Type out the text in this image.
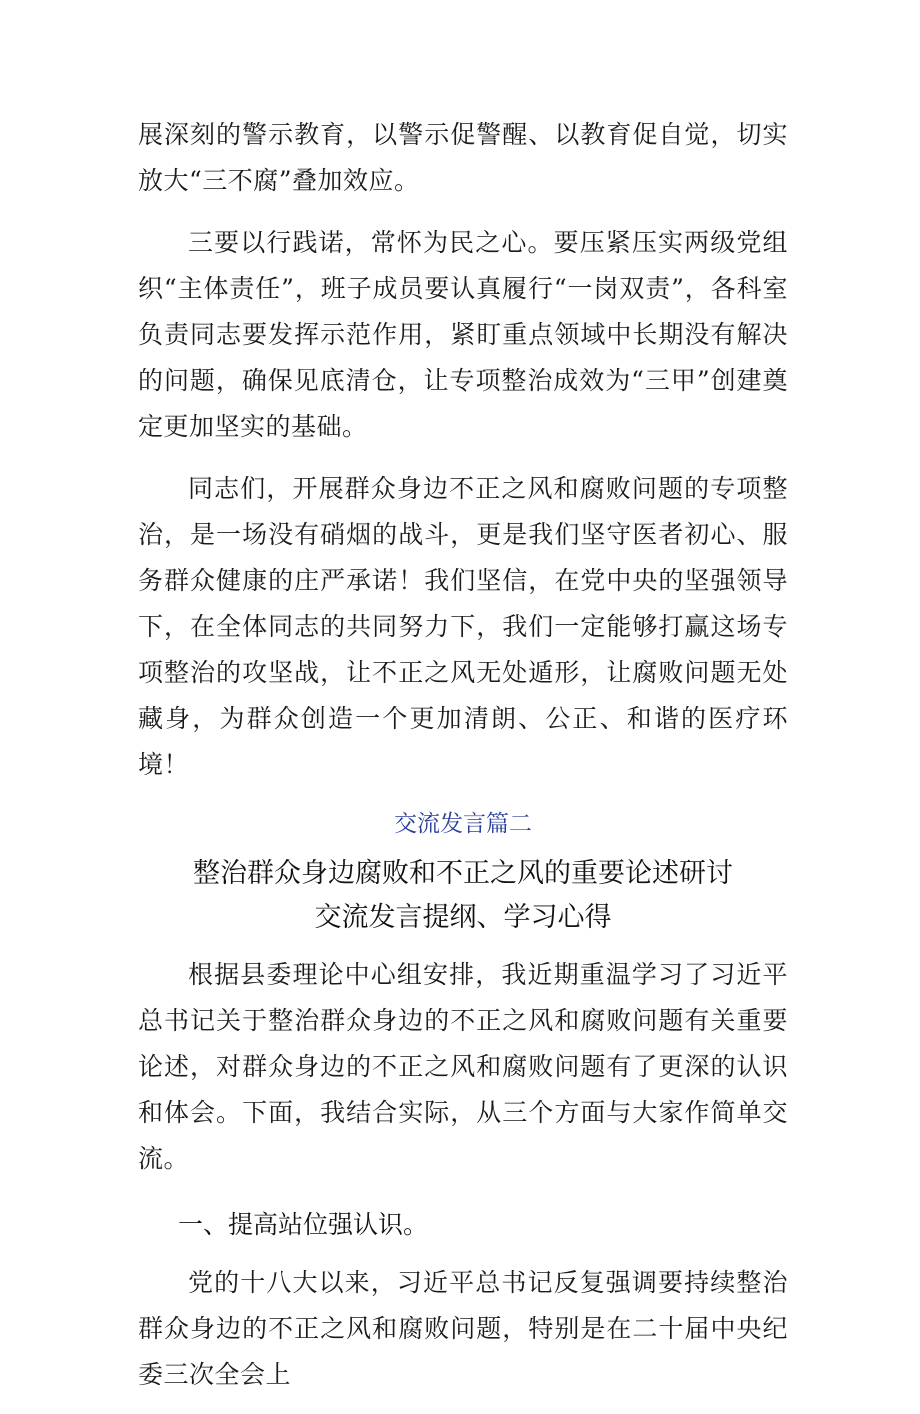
展深刻的警示教育，以警示促警醒、以教育促自觉，切实放大“三不腐”叠加效应。

三要以行践诺，常怀为民之心。要压紧压实两级党组织“主体责任”，班子成员要认真履行“一岗双责”，各科室负责同志要发挥示范作用，紧盯重点领域中长期没有解决的问题，确保见底清仓，让专项整治成效为“三甲”创建奠定更加坚实的基础。

同志们，开展群众身边不正之风和腐败问题的专项整治，是一场没有硝烟的战斗，更是我们坚守医者初心、服务群众健康的庄严承诺！我们坚信，在党中央的坚强领导下，在全体同志的共同努力下，我们一定能够打赢这场专项整治的攻坚战，让不正之风无处遁形，让腐败问题无处藏身，为群众创造一个更加清朗、公正、和谐的医疗环境！

交流发言篇二
整治群众身边腐败和不正之风的重要论述研讨
交流发言提纲、学习心得

根据县委理论中心组安排，我近期重温学习了习近平总书记关于整治群众身边的不正之风和腐败问题有关重要论述，对群众身边的不正之风和腐败问题有了更深的认识和体会。下面，我结合实际，从三个方面与大家作简单交流。

一、提高站位强认识。

党的十八大以来，习近平总书记反复强调要持续整治群众身边的不正之风和腐败问题，特别是在二十届中央纪委三次全会上
